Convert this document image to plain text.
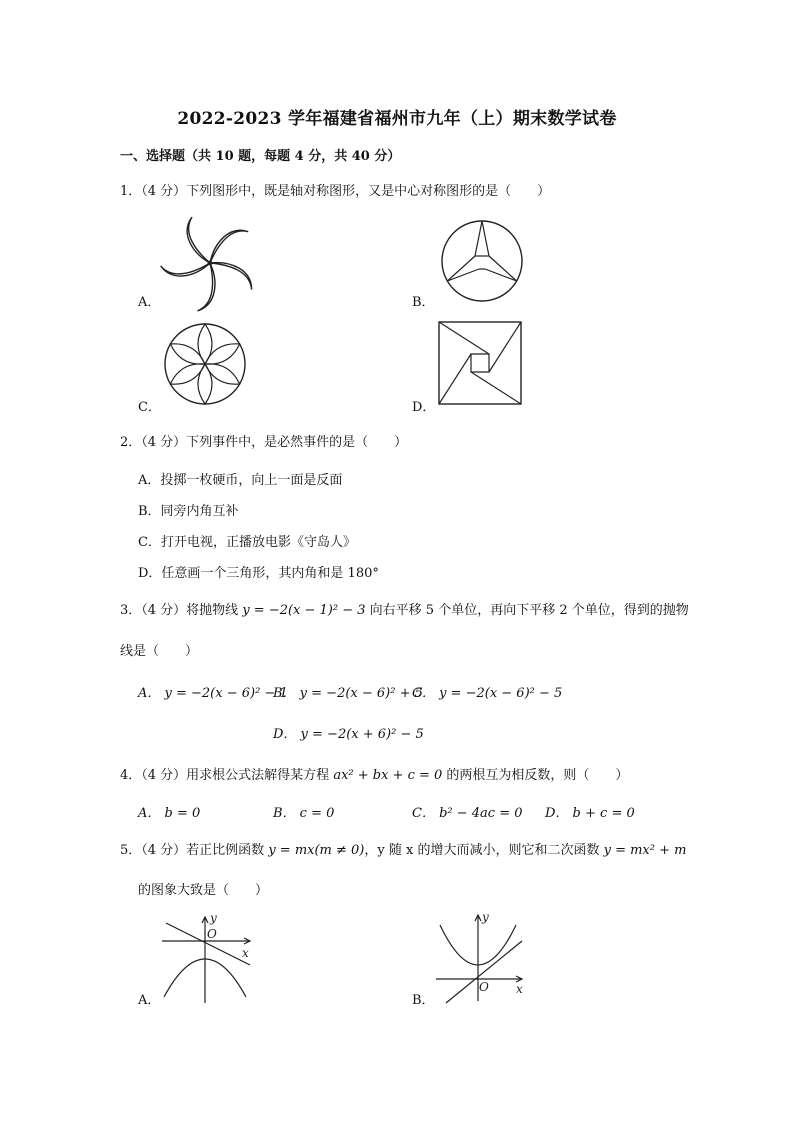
2022-2023 学年福建省福州市九年（上）期末数学试卷
一、选择题（共 10 题，每题 4 分，共 40 分）
1．（4 分）下列图形中，既是轴对称图形，又是中心对称图形的是（　　）
A．	B．
C．	D．
2．（4 分）下列事件中，是必然事件的是（　　）
A．投掷一枚硬币，向上一面是反面
B．同旁内角互补
C．打开电视，正播放电影《守岛人》
D．任意画一个三角形，其内角和是 180°
3．（4 分）将抛物线 y = −2(x − 1)² − 3 向右平移 5 个单位，再向下平移 2 个单位，得到的抛物
线是（　　）
A． y = −2(x − 6)² − 1
B． y = −2(x − 6)² + 5
C． y = −2(x − 6)² − 5
D． y = −2(x + 6)² − 5
4．（4 分）用求根公式法解得某方程 ax² + bx + c = 0 的两根互为相反数，则（　　）
A． b = 0	B． c = 0	C． b² − 4ac = 0 D． b + c = 0
5．（4 分）若正比例函数 y = mx(m ≠ 0)，y 随 x 的增大而减小，则它和二次函数 y = mx² + m
的图象大致是（　　）
x
y
O
A．
x
y
O
B．
